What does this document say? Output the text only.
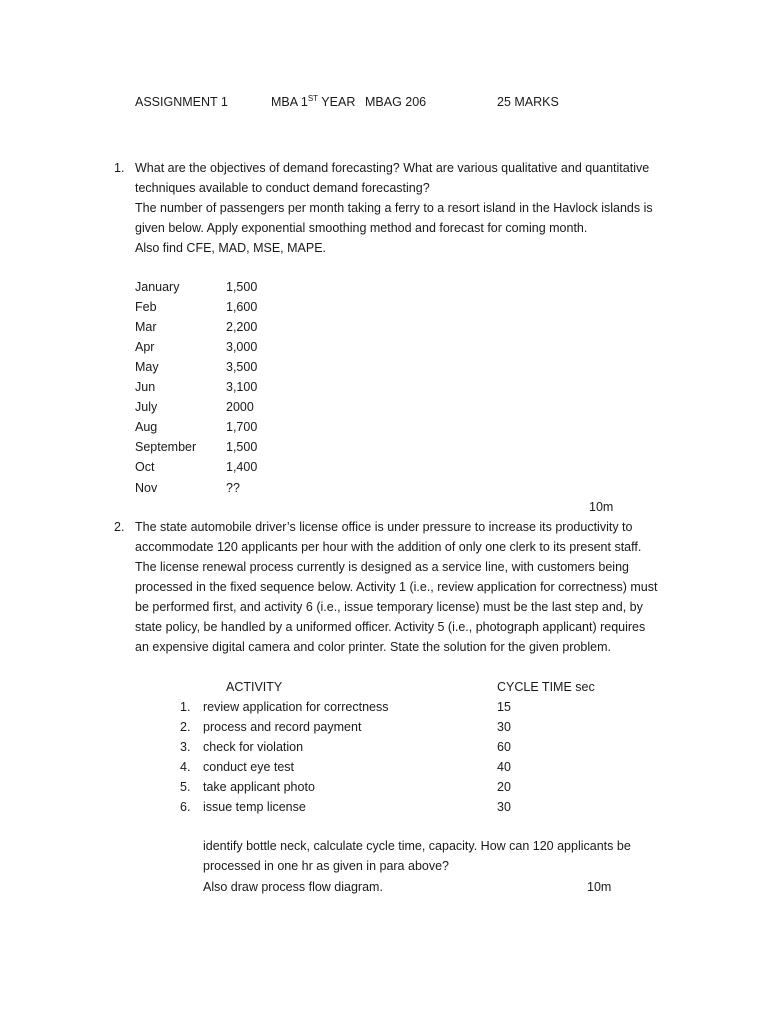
ASSIGNMENT 1	MBA 1ST YEAR MBAG 206	25 MARKS
1. What are the objectives of demand forecasting? What are various qualitative and quantitative
techniques available to conduct demand forecasting?
The number of passengers per month taking a ferry to a resort island in the Havlock islands is
given below. Apply exponential smoothing method and forecast for coming month.
Also find CFE, MAD, MSE, MAPE.
January	1,500
Feb	1,600
Mar	2,200
Apr	3,000
May	3,500
Jun	3,100
July	2000
Aug	1,700
September 1,500
Oct	1,400
Nov	??
10m
2. The state automobile driver’s license office is under pressure to increase its productivity to
accommodate 120 applicants per hour with the addition of only one clerk to its present staff.
The license renewal process currently is designed as a service line, with customers being
processed in the fixed sequence below. Activity 1 (i.e., review application for correctness) must
be performed first, and activity 6 (i.e., issue temporary license) must be the last step and, by
state policy, be handled by a uniformed officer. Activity 5 (i.e., photograph applicant) requires
an expensive digital camera and color printer. State the solution for the given problem.
ACTIVITY	CYCLE TIME sec
1. review application for correctness	15
2. process and record payment	30
3. check for violation	60
4. conduct eye test	40
5. take applicant photo	20
6. issue temp license	30
identify bottle neck, calculate cycle time, capacity. How can 120 applicants be
processed in one hr as given in para above?
Also draw process flow diagram.	10m
